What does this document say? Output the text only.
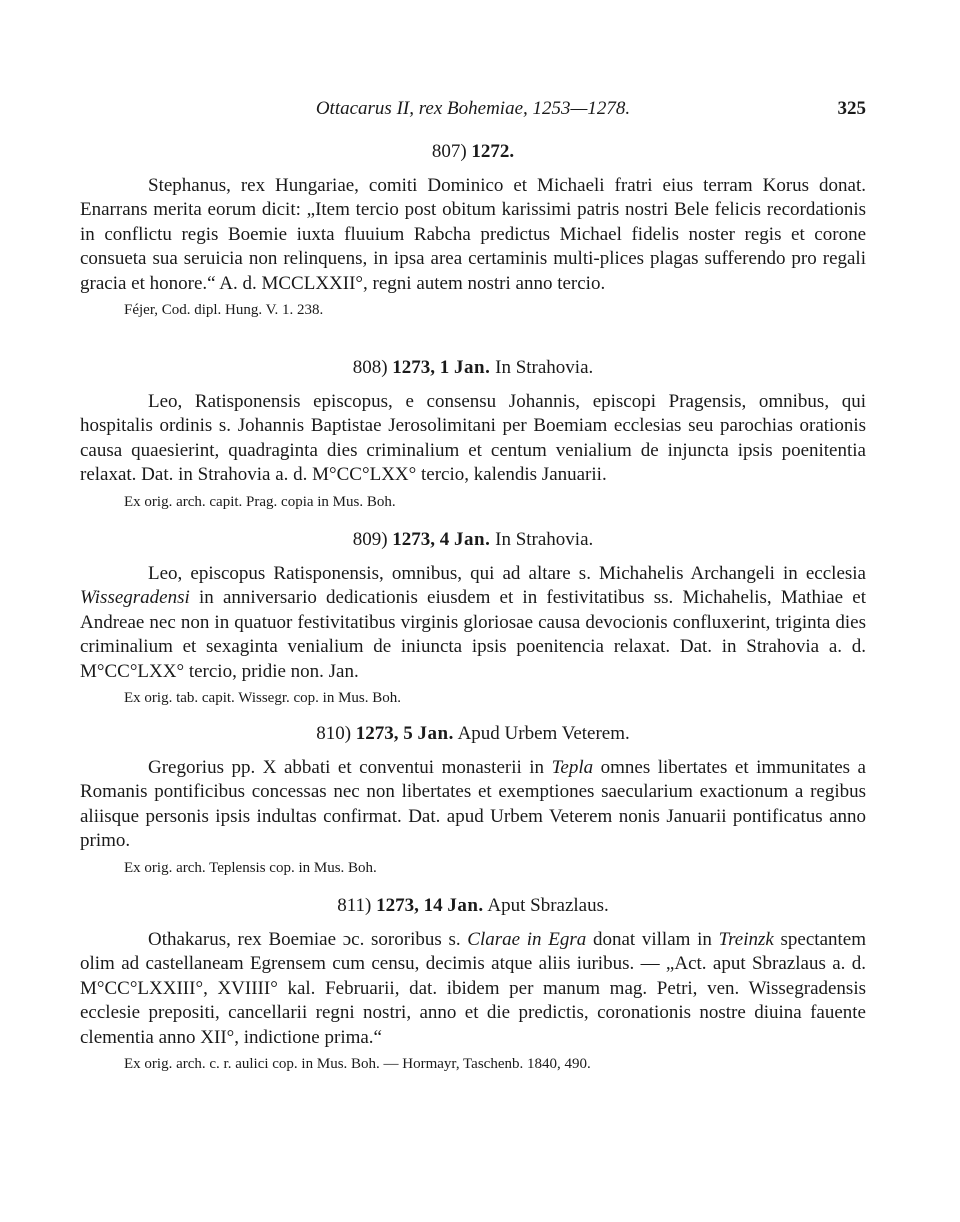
Ottacarus II, rex Bohemiae, 1253—1278.	325
807) 1272.

Stephanus, rex Hungariae, comiti Dominico et Michaeli fratri eius terram Korus donat. Enarrans merita eorum dicit: „Item tercio post obitum karissimi patris nostri Bele felicis recordationis in conflictu regis Boemie iuxta fluuium Rabcha predictus Michael fidelis noster regis et corone consueta sua seruicia non relinquens, in ipsa area certaminis multi-plices plagas sufferendo pro regali gracia et honore.“ A. d. MCCLXXII°, regni autem nostri anno tercio.

Féjer, Cod. dipl. Hung. V. 1. 238.
808) 1273, 1 Jan. In Strahovia.

Leo, Ratisponensis episcopus, e consensu Johannis, episcopi Pragensis, omnibus, qui hospitalis ordinis s. Johannis Baptistae Jerosolimitani per Boemiam ecclesias seu parochias orationis causa quaesierint, quadraginta dies criminalium et centum venialium de injuncta ipsis poenitentia relaxat. Dat. in Strahovia a. d. M°CC°LXX° tercio, kalendis Januarii.

Ex orig. arch. capit. Prag. copia in Mus. Boh.
809) 1273, 4 Jan. In Strahovia.

Leo, episcopus Ratisponensis, omnibus, qui ad altare s. Michahelis Archangeli in ecclesia Wissegradensi in anniversario dedicationis eiusdem et in festivitatibus ss. Michahelis, Mathiae et Andreae nec non in quatuor festivitatibus virginis gloriosae causa devocionis confluxerint, triginta dies criminalium et sexaginta venialium de iniuncta ipsis poenitencia relaxat. Dat. in Strahovia a. d. M°CC°LXX° tercio, pridie non. Jan.

Ex orig. tab. capit. Wissegr. cop. in Mus. Boh.
810) 1273, 5 Jan. Apud Urbem Veterem.

Gregorius pp. X abbati et conventui monasterii in Tepla omnes libertates et immunitates a Romanis pontificibus concessas nec non libertates et exemptiones saecularium exactionum a regibus aliisque personis ipsis indultas confirmat. Dat. apud Urbem Veterem nonis Januarii pontificatus anno primo.

Ex orig. arch. Teplensis cop. in Mus. Boh.
811) 1273, 14 Jan. Aput Sbrazlaus.

Othakarus, rex Boemiae ɔc. sororibus s. Clarae in Egra donat villam in Treinzk spectantem olim ad castellaneam Egrensem cum censu, decimis atque aliis iuribus. — „Act. aput Sbrazlaus a. d. M°CC°LXXIII°, XVIIII° kal. Februarii, dat. ibidem per manum mag. Petri, ven. Wissegradensis ecclesie prepositi, cancellarii regni nostri, anno et die predictis, coronationis nostre diuina fauente clementia anno XII°, indictione prima.“

Ex orig. arch. c. r. aulici cop. in Mus. Boh. — Hormayr, Taschenb. 1840, 490.
